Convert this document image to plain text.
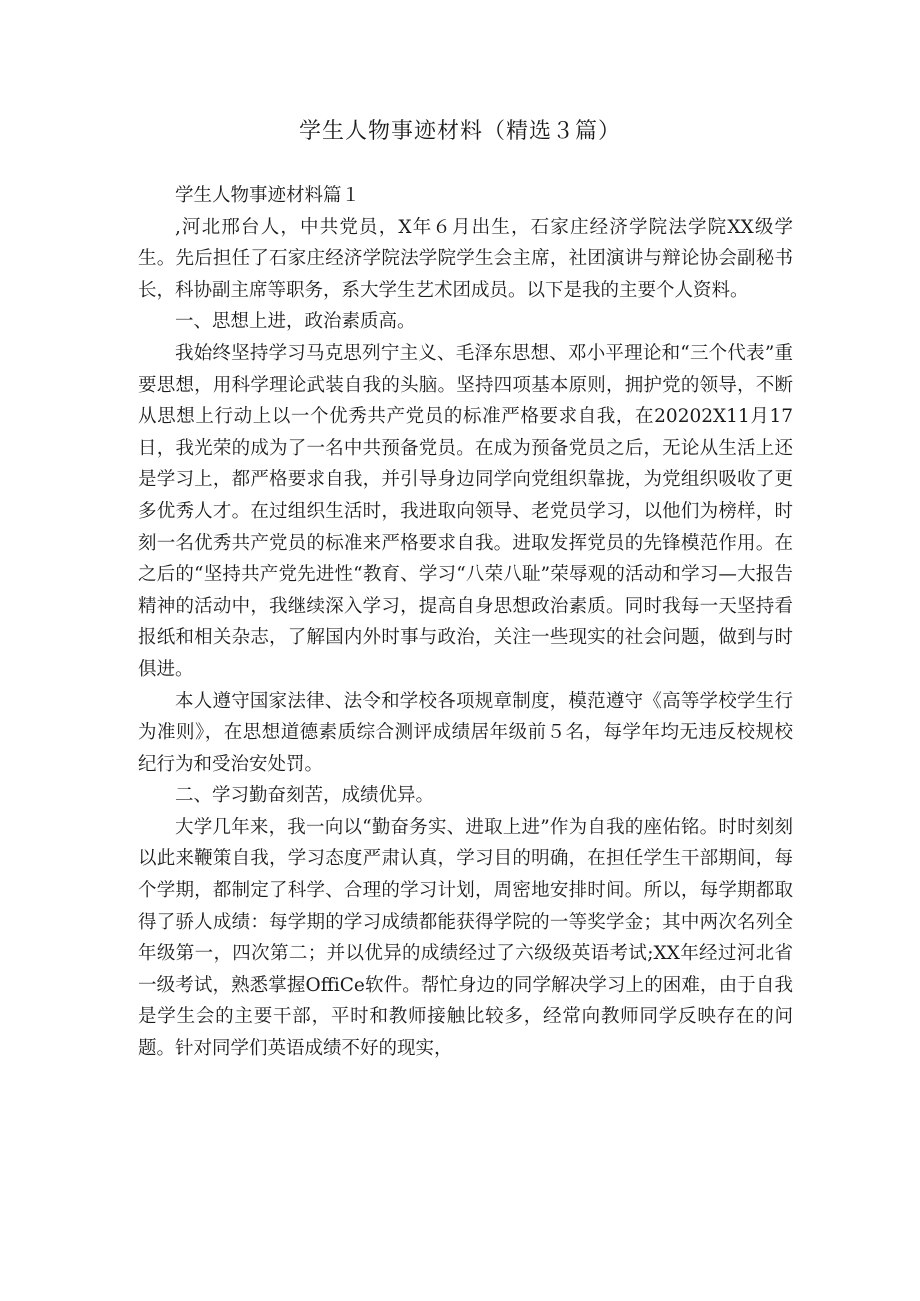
学生人物事迹材料（精选３篇）

学生人物事迹材料篇１

,河北邢台人，中共党员，X年６月出生，石家庄经济学院法学院XX级学生。先后担任了石家庄经济学院法学院学生会主席，社团演讲与辩论协会副秘书长，科协副主席等职务，系大学生艺术团成员。以下是我的主要个人资料。

一、思想上进，政治素质高。

我始终坚持学习马克思列宁主义、毛泽东思想、邓小平理论和“三个代表”重要思想，用科学理论武装自我的头脑。坚持四项基本原则，拥护党的领导，不断从思想上行动上以一个优秀共产党员的标准严格要求自我，在20202X11月17日，我光荣的成为了一名中共预备党员。在成为预备党员之后，无论从生活上还是学习上，都严格要求自我，并引导身边同学向党组织靠拢，为党组织吸收了更多优秀人才。在过组织生活时，我进取向领导、老党员学习，以他们为榜样，时刻一名优秀共产党员的标准来严格要求自我。进取发挥党员的先锋模范作用。在之后的“坚持共产党先进性“教育、学习“八荣八耻”荣辱观的活动和学习—大报告精神的活动中，我继续深入学习，提高自身思想政治素质。同时我每一天坚持看报纸和相关杂志，了解国内外时事与政治，关注一些现实的社会问题，做到与时俱进。

本人遵守国家法律、法令和学校各项规章制度，模范遵守《高等学校学生行为准则》，在思想道德素质综合测评成绩居年级前５名，每学年均无违反校规校纪行为和受治安处罚。

二、学习勤奋刻苦，成绩优异。

大学几年来，我一向以“勤奋务实、进取上进”作为自我的座佑铭。时时刻刻以此来鞭策自我，学习态度严肃认真，学习目的明确，在担任学生干部期间，每个学期，都制定了科学、合理的学习计划，周密地安排时间。所以，每学期都取得了骄人成绩：每学期的学习成绩都能获得学院的一等奖学金；其中两次名列全年级第一，四次第二；并以优异的成绩经过了六级级英语考试;XX年经过河北省一级考试，熟悉掌握OffiCe软件。帮忙身边的同学解决学习上的困难，由于自我是学生会的主要干部，平时和教师接触比较多，经常向教师同学反映存在的问题。针对同学们英语成绩不好的现实，
